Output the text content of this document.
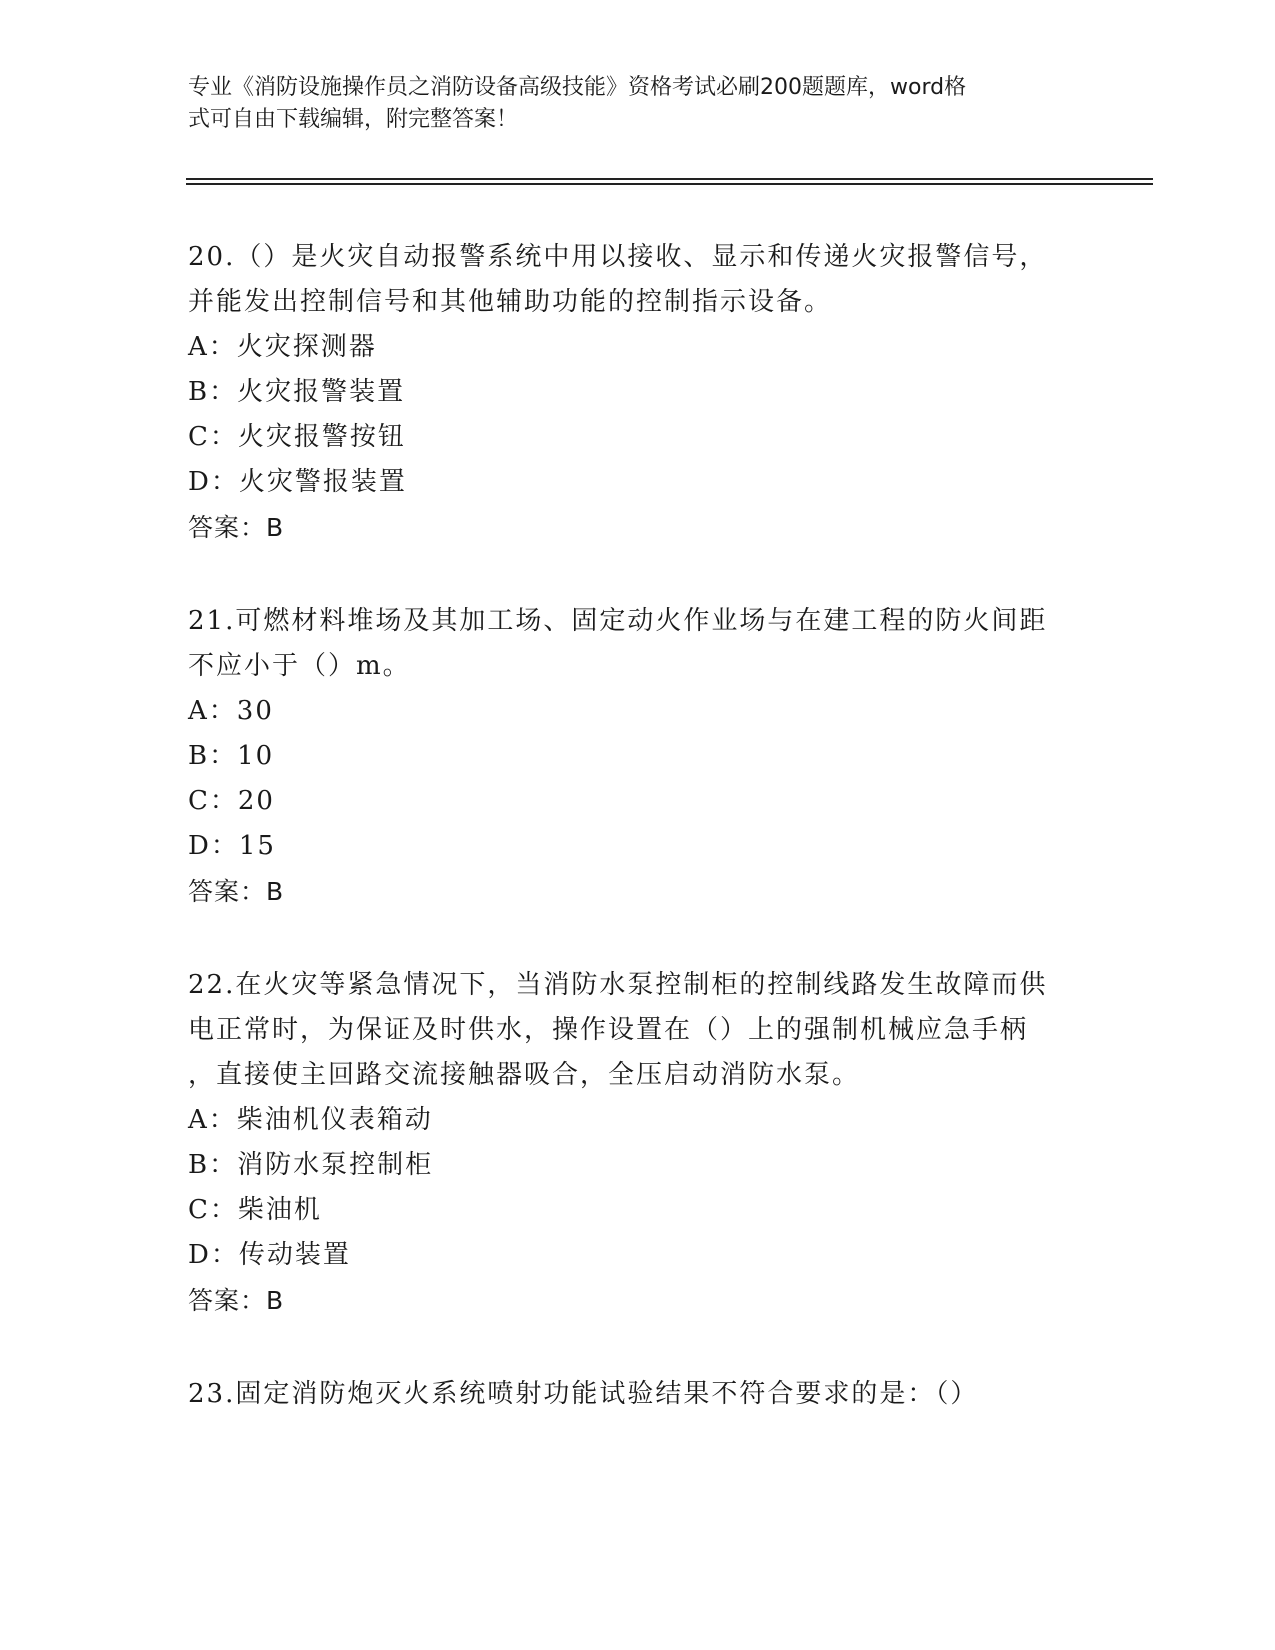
专业《消防设施操作员之消防设备高级技能》资格考试必刷200题题库，word格
式可自由下载编辑，附完整答案！
20.（）是火灾自动报警系统中用以接收、显示和传递火灾报警信号，
并能发出控制信号和其他辅助功能的控制指示设备。
A：火灾探测器
B：火灾报警装置
C：火灾报警按钮
D：火灾警报装置
答案：B
21.可燃材料堆场及其加工场、固定动火作业场与在建工程的防火间距
不应小于（）m。
A：30
B：10
C：20
D：15
答案：B
22.在火灾等紧急情况下，当消防水泵控制柜的控制线路发生故障而供
电正常时，为保证及时供水，操作设置在（）上的强制机械应急手柄
，直接使主回路交流接触器吸合，全压启动消防水泵。
A：柴油机仪表箱动
B：消防水泵控制柜
C：柴油机
D：传动装置
答案：B
23.固定消防炮灭火系统喷射功能试验结果不符合要求的是：（）
